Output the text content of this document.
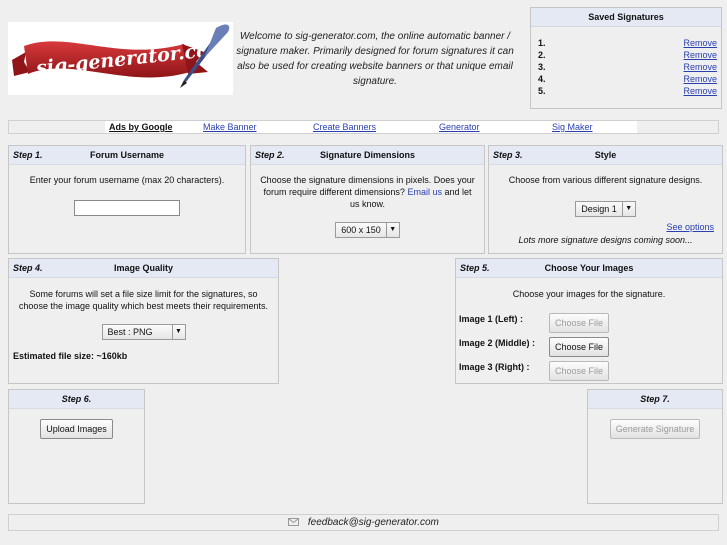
sig-generator.com
Welcome to sig-generator.com, the online automatic banner / signature maker. Primarily designed for forum signatures it can also be used for creating website banners or that unique email signature.
Saved Signatures
1.	Remove
2.	Remove
3.	Remove
4.	Remove
5.	Remove
Ads by Google	Make Banner	Create Banners	Generator	Sig Maker
Step 1.	Forum Username
Enter your forum username (max 20 characters).
Step 2.	Signature Dimensions
Choose the signature dimensions in pixels. Does your forum require different dimensions? Email us and let us know.
600 x 150	▼
Step 3.	Style
Choose from various different signature designs.
Design 1	▼
See options
Lots more signature designs coming soon...
Step 4.	Image Quality
Some forums will set a file size limit for the signatures, so choose the image quality which best meets their requirements.
Best : PNG	▼
Estimated file size: ~160kb
Step 5.	Choose Your Images
Choose your images for the signature.
Image 1 (Left) :	Choose File
Image 2 (Middle) :	Choose File
Image 3 (Right) :	Choose File
Step 6.
Upload Images
Step 7.
Generate Signature
feedback@sig-generator.com
